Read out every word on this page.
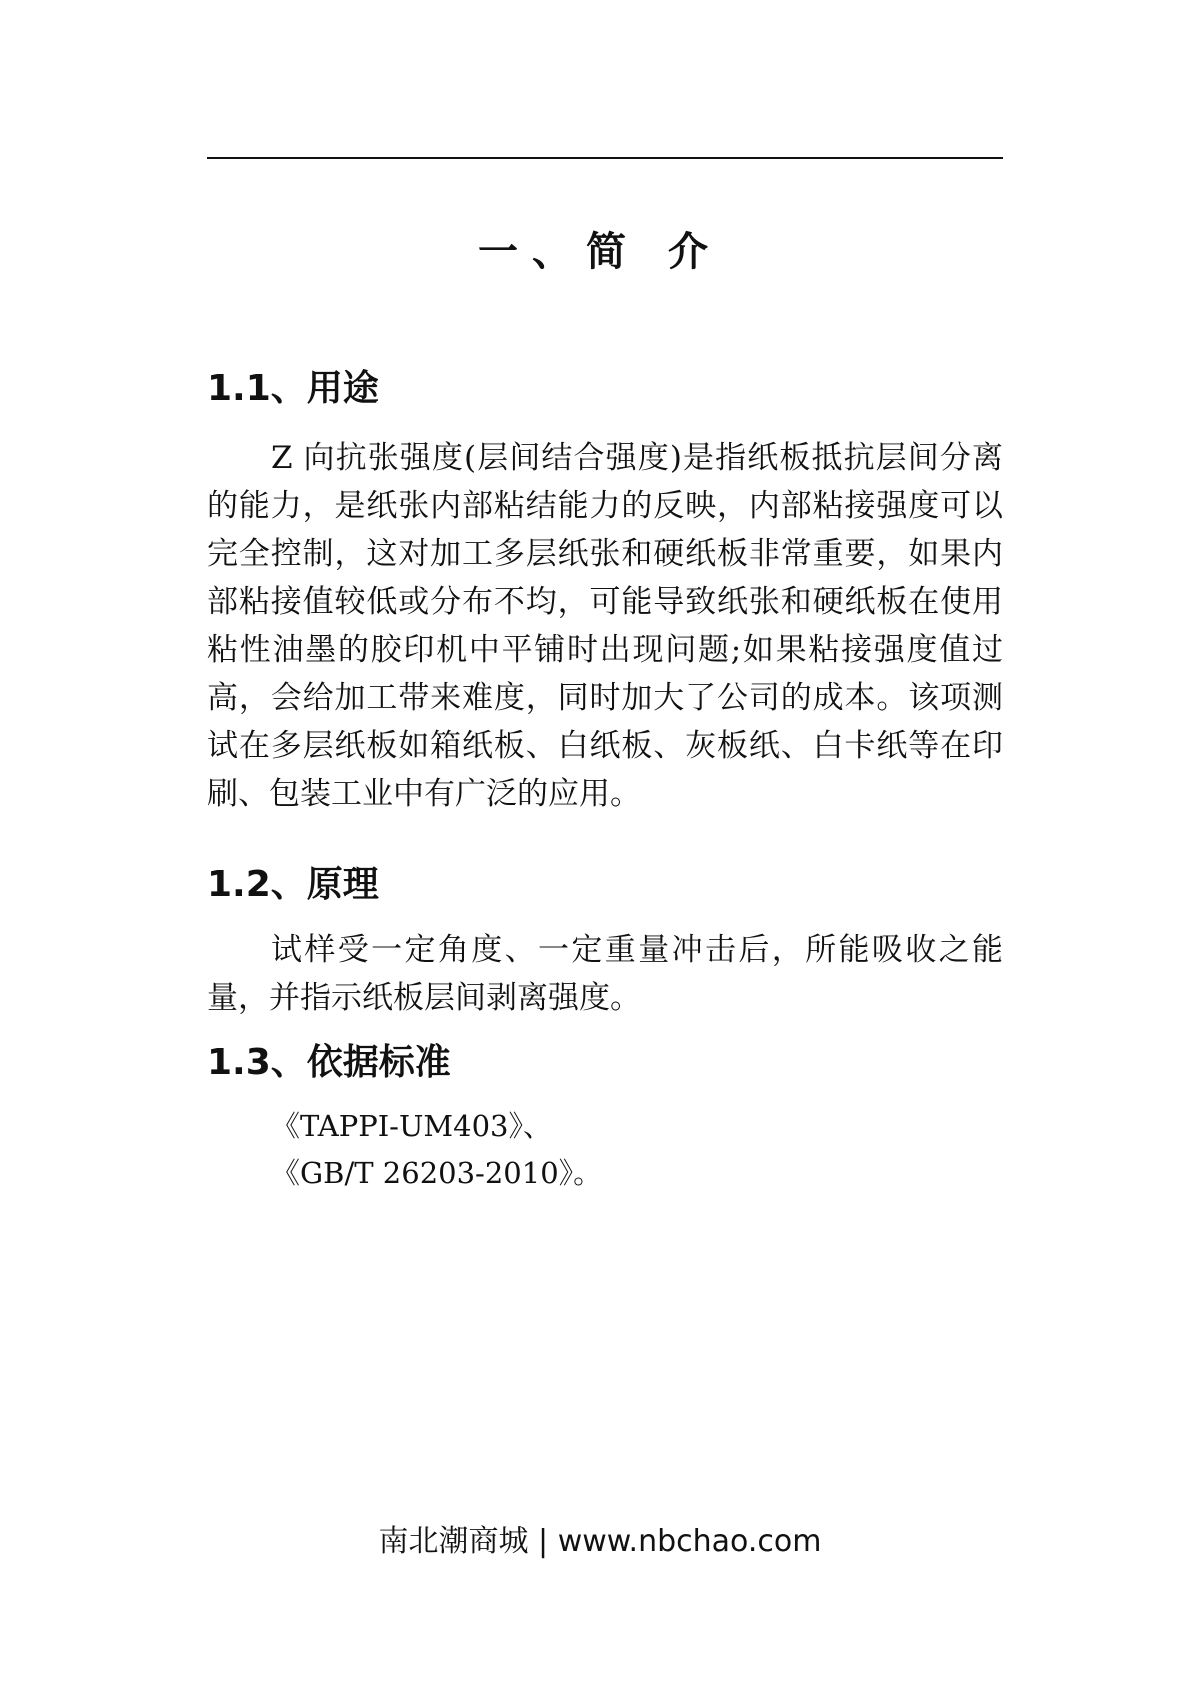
一、简 介
1.1、用途

Z 向抗张强度(层间结合强度)是指纸板抵抗层间分离的能力，是纸张内部粘结能力的反映，内部粘接强度可以完全控制，这对加工多层纸张和硬纸板非常重要，如果内部粘接值较低或分布不均，可能导致纸张和硬纸板在使用粘性油墨的胶印机中平铺时出现问题;如果粘接强度值过高，会给加工带来难度，同时加大了公司的成本。该项测试在多层纸板如箱纸板、白纸板、灰板纸、白卡纸等在印刷、包装工业中有广泛的应用。

1.2、原理

试样受一定角度、一定重量冲击后，所能吸收之能量，并指示纸板层间剥离强度。

1.3、依据标准
《TAPPI-UM403》、
《GB/T 26203-2010》。
南北潮商城 | www.nbchao.com
